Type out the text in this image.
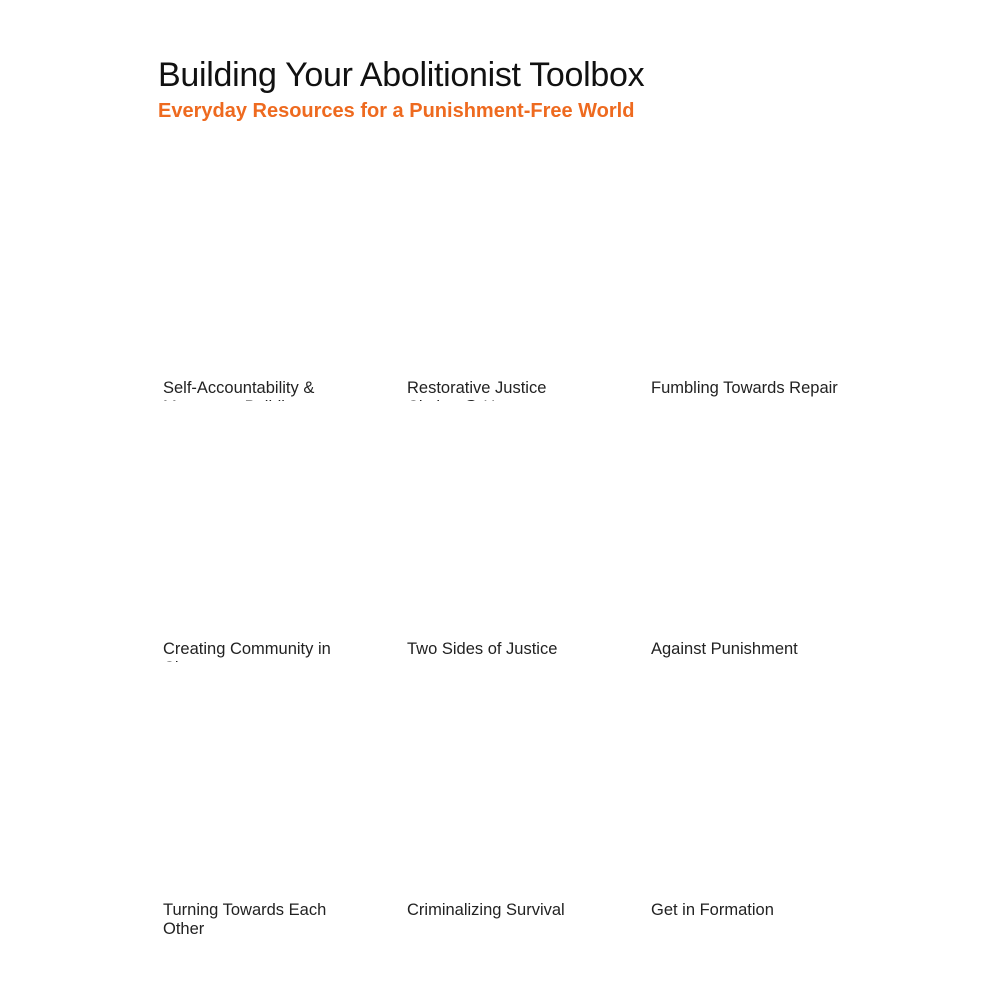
Building Your Abolitionist Toolbox
Everyday Resources for a Punishment-Free World
Self-Accountability &	Restorative Justice	Fumbling Towards Repair
Creating Community in	Two Sides of Justice	Against Punishment
Turning Towards Each Other
Criminalizing Survival	Get in Formation
